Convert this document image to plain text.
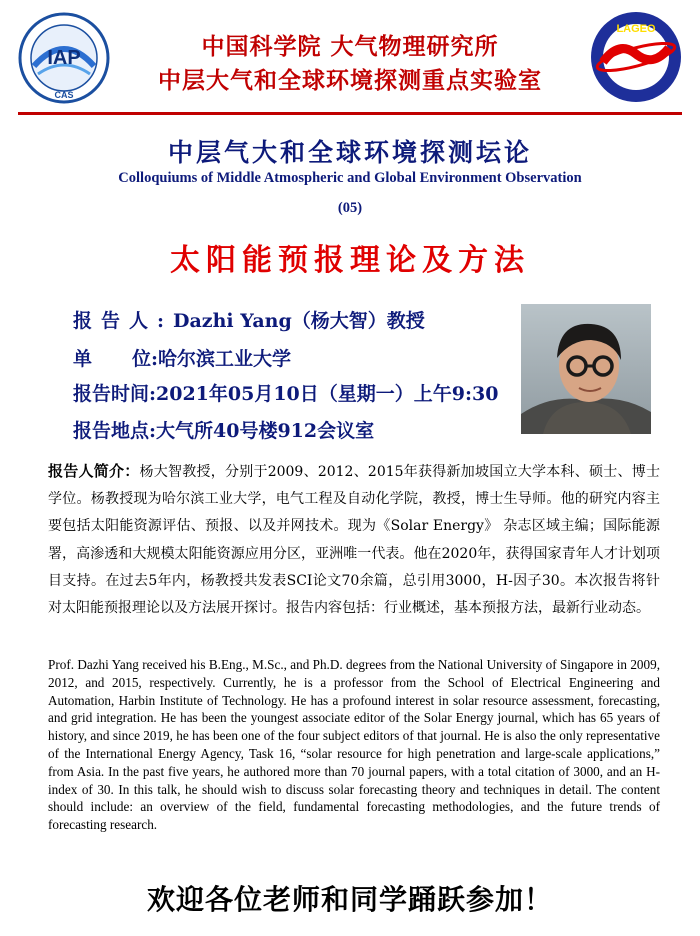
IAP
CAS
中国科学院 大气物理研究所
中层大气和全球环境探测重点实验室
LAGEO
中层气大和全球环境探测坛论
Colloquiums of Middle Atmospheric and Global Environment Observation
(05)
太阳能预报理论及方法
报告人:Dazhi Yang（杨大智）教授
单位:哈尔滨工业大学
报告时间:2021年05月10日（星期一）上午9:30
报告地点:大气所40号楼912会议室
报告人简介：杨大智教授，分别于2009、2012、2015年获得新加坡国立大学本科、硕士、博士学位。杨教授现为哈尔滨工业大学，电气工程及自动化学院，教授，博士生导师。他的研究内容主要包括太阳能资源评估、预报、以及并网技术。现为《Solar Energy》 杂志区域主编；国际能源署，高渗透和大规模太阳能资源应用分区，亚洲唯一代表。他在2020年，获得国家青年人才计划项目支持。在过去5年内，杨教授共发表SCI论文70余篇，总引用3000，H-因子30。本次报告将针对太阳能预报理论以及方法展开探讨。报告内容包括：行业概述，基本预报方法，最新行业动态。
Prof. Dazhi Yang received his B.Eng., M.Sc., and Ph.D. degrees from the National University of Singapore in 2009, 2012, and 2015, respectively. Currently, he is a professor from the School of Electrical Engineering and Automation, Harbin Institute of Technology. He has a profound interest in solar resource assessment, forecasting, and grid integration. He has been the youngest associate editor of the Solar Energy journal, which has 65 years of history, and since 2019, he has been one of the four subject editors of that journal. He is also the only representative of the International Energy Agency, Task 16, “solar resource for high penetration and large-scale applications,” from Asia. In the past five years, he authored more than 70 journal papers, with a total citation of 3000, and an H-index of 30. In this talk, he should wish to discuss solar forecasting theory and techniques in detail. The content should include: an overview of the field, fundamental forecasting methodologies, and the future trends of forecasting research.
欢迎各位老师和同学踊跃参加！
